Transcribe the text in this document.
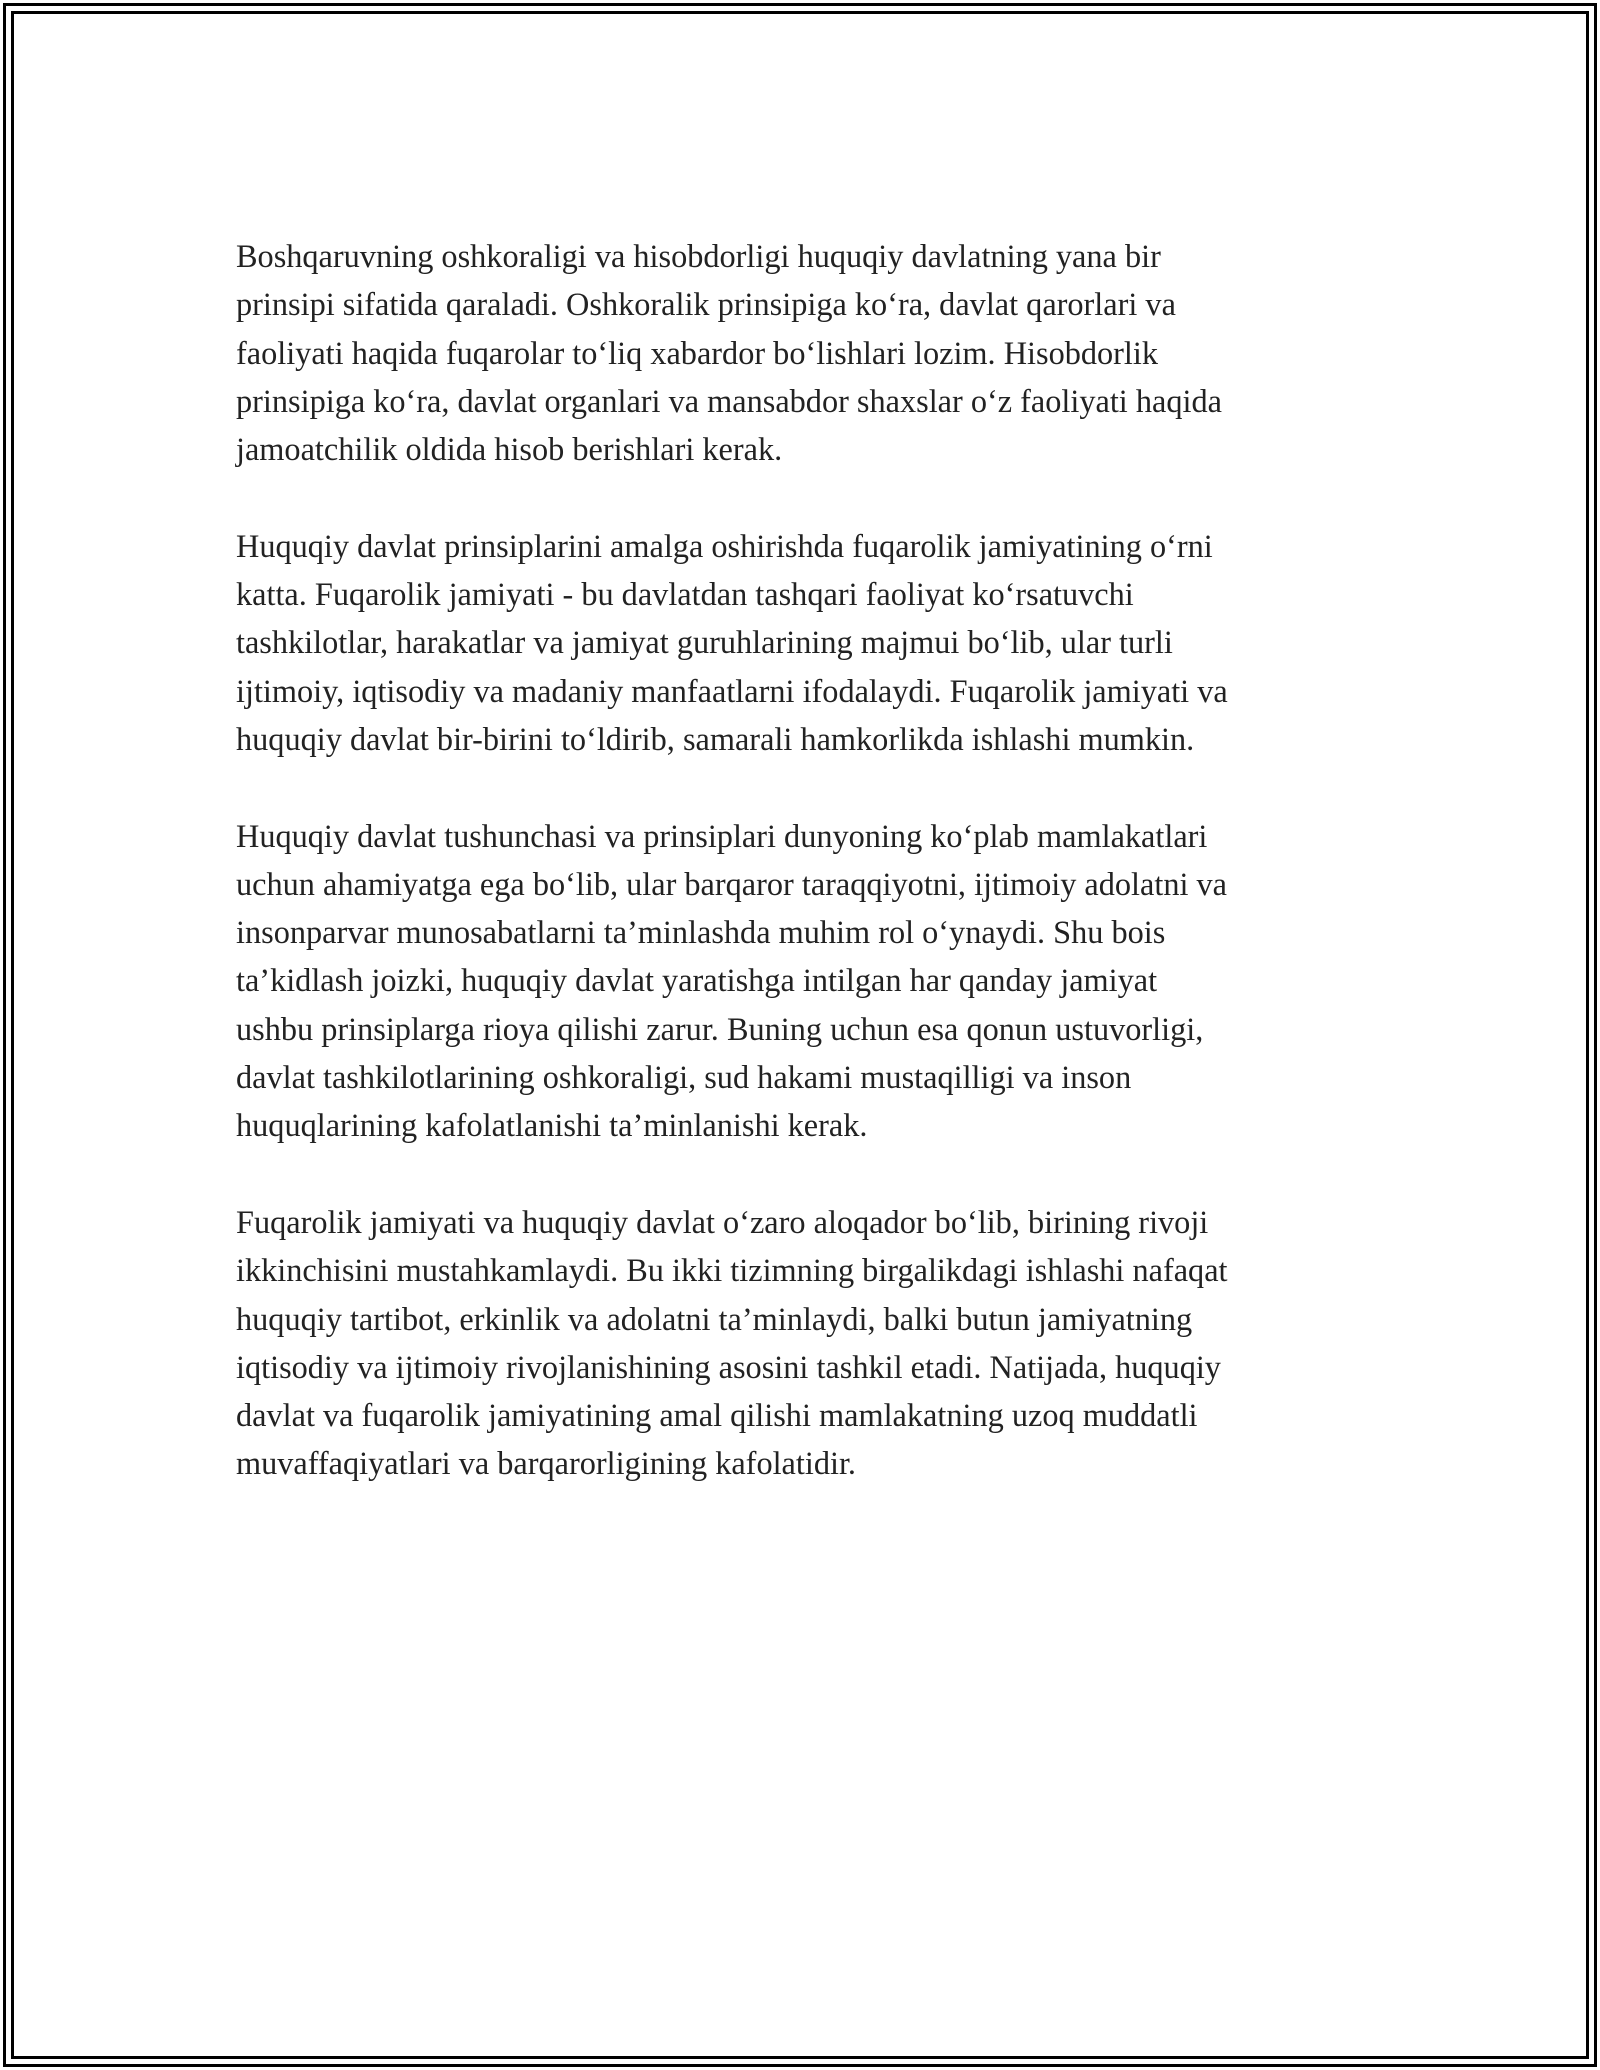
Boshqaruvning oshkoraligi va hisobdorligi huquqiy davlatning yana bir
prinsipi sifatida qaraladi. Oshkoralik prinsipiga koʻra, davlat qarorlari va
faoliyati haqida fuqarolar toʻliq xabardor boʻlishlari lozim. Hisobdorlik
prinsipiga koʻra, davlat organlari va mansabdor shaxslar oʻz faoliyati haqida
jamoatchilik oldida hisob berishlari kerak.

Huquqiy davlat prinsiplarini amalga oshirishda fuqarolik jamiyatining oʻrni
katta. Fuqarolik jamiyati - bu davlatdan tashqari faoliyat koʻrsatuvchi
tashkilotlar, harakatlar va jamiyat guruhlarining majmui boʻlib, ular turli
ijtimoiy, iqtisodiy va madaniy manfaatlarni ifodalaydi. Fuqarolik jamiyati va
huquqiy davlat bir-birini toʻldirib, samarali hamkorlikda ishlashi mumkin.

Huquqiy davlat tushunchasi va prinsiplari dunyoning koʻplab mamlakatlari
uchun ahamiyatga ega boʻlib, ular barqaror taraqqiyotni, ijtimoiy adolatni va
insonparvar munosabatlarni ta’minlashda muhim rol oʻynaydi. Shu bois
ta’kidlash joizki, huquqiy davlat yaratishga intilgan har qanday jamiyat
ushbu prinsiplarga rioya qilishi zarur. Buning uchun esa qonun ustuvorligi,
davlat tashkilotlarining oshkoraligi, sud hakami mustaqilligi va inson
huquqlarining kafolatlanishi ta’minlanishi kerak.

Fuqarolik jamiyati va huquqiy davlat oʻzaro aloqador boʻlib, birining rivoji
ikkinchisini mustahkamlaydi. Bu ikki tizimning birgalikdagi ishlashi nafaqat
huquqiy tartibot, erkinlik va adolatni ta’minlaydi, balki butun jamiyatning
iqtisodiy va ijtimoiy rivojlanishining asosini tashkil etadi. Natijada, huquqiy
davlat va fuqarolik jamiyatining amal qilishi mamlakatning uzoq muddatli
muvaffaqiyatlari va barqarorligining kafolatidir.
